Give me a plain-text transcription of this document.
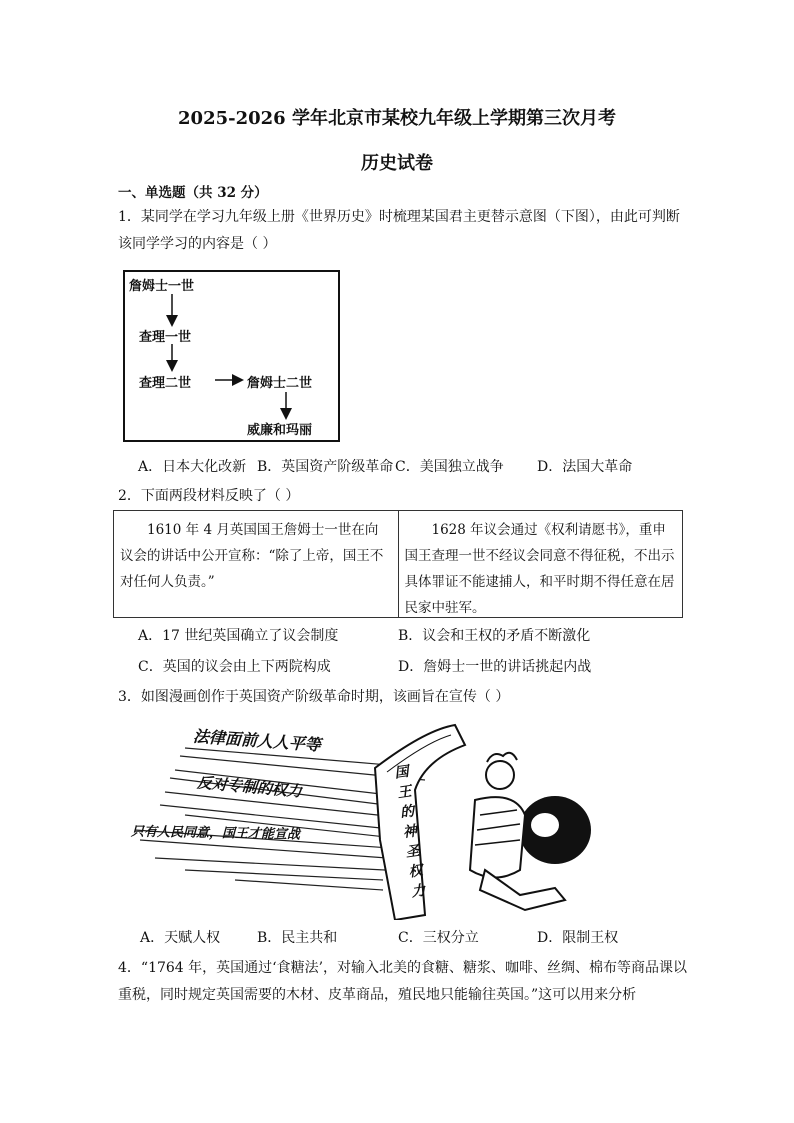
2025-2026 学年北京市某校九年级上学期第三次月考
历史试卷
一、单选题（共 32 分）
1．某同学在学习九年级上册《世界历史》时梳理某国君主更替示意图（下图），由此可判断
该同学学习的内容是（ ）
詹姆士一世
查理一世
查理二世	詹姆士二世
威廉和玛丽
A．日本大化改新 B．英国资产阶级革命 C．美国独立战争 D．法国大革命
2．下面两段材料反映了（ ）
1610 年 4 月英国国王詹姆士一世在向议会的讲话中公开宣称：“除了上帝，国王不对任何人负责。”
1628 年议会通过《权利请愿书》，重申国王查理一世不经议会同意不得征税，不出示具体罪证不能逮捕人，和平时期不得任意在居民家中驻军。
A．17 世纪英国确立了议会制度	B．议会和王权的矛盾不断激化
C．英国的议会由上下两院构成	D．詹姆士一世的讲话挑起内战
3．如图漫画创作于英国资产阶级革命时期，该画旨在宣传（ ）
法律面前人人平等
反对专制的权力
只有人民同意，国王才能宣战
国王的神圣权力
A．天赋人权	B．民主共和	C．三权分立	D．限制王权
4．“1764 年，英国通过‘食糖法’，对输入北美的食糖、糖浆、咖啡、丝绸、棉布等商品课以
重税，同时规定英国需要的木材、皮革商品，殖民地只能输往英国。”这可以用来分析
